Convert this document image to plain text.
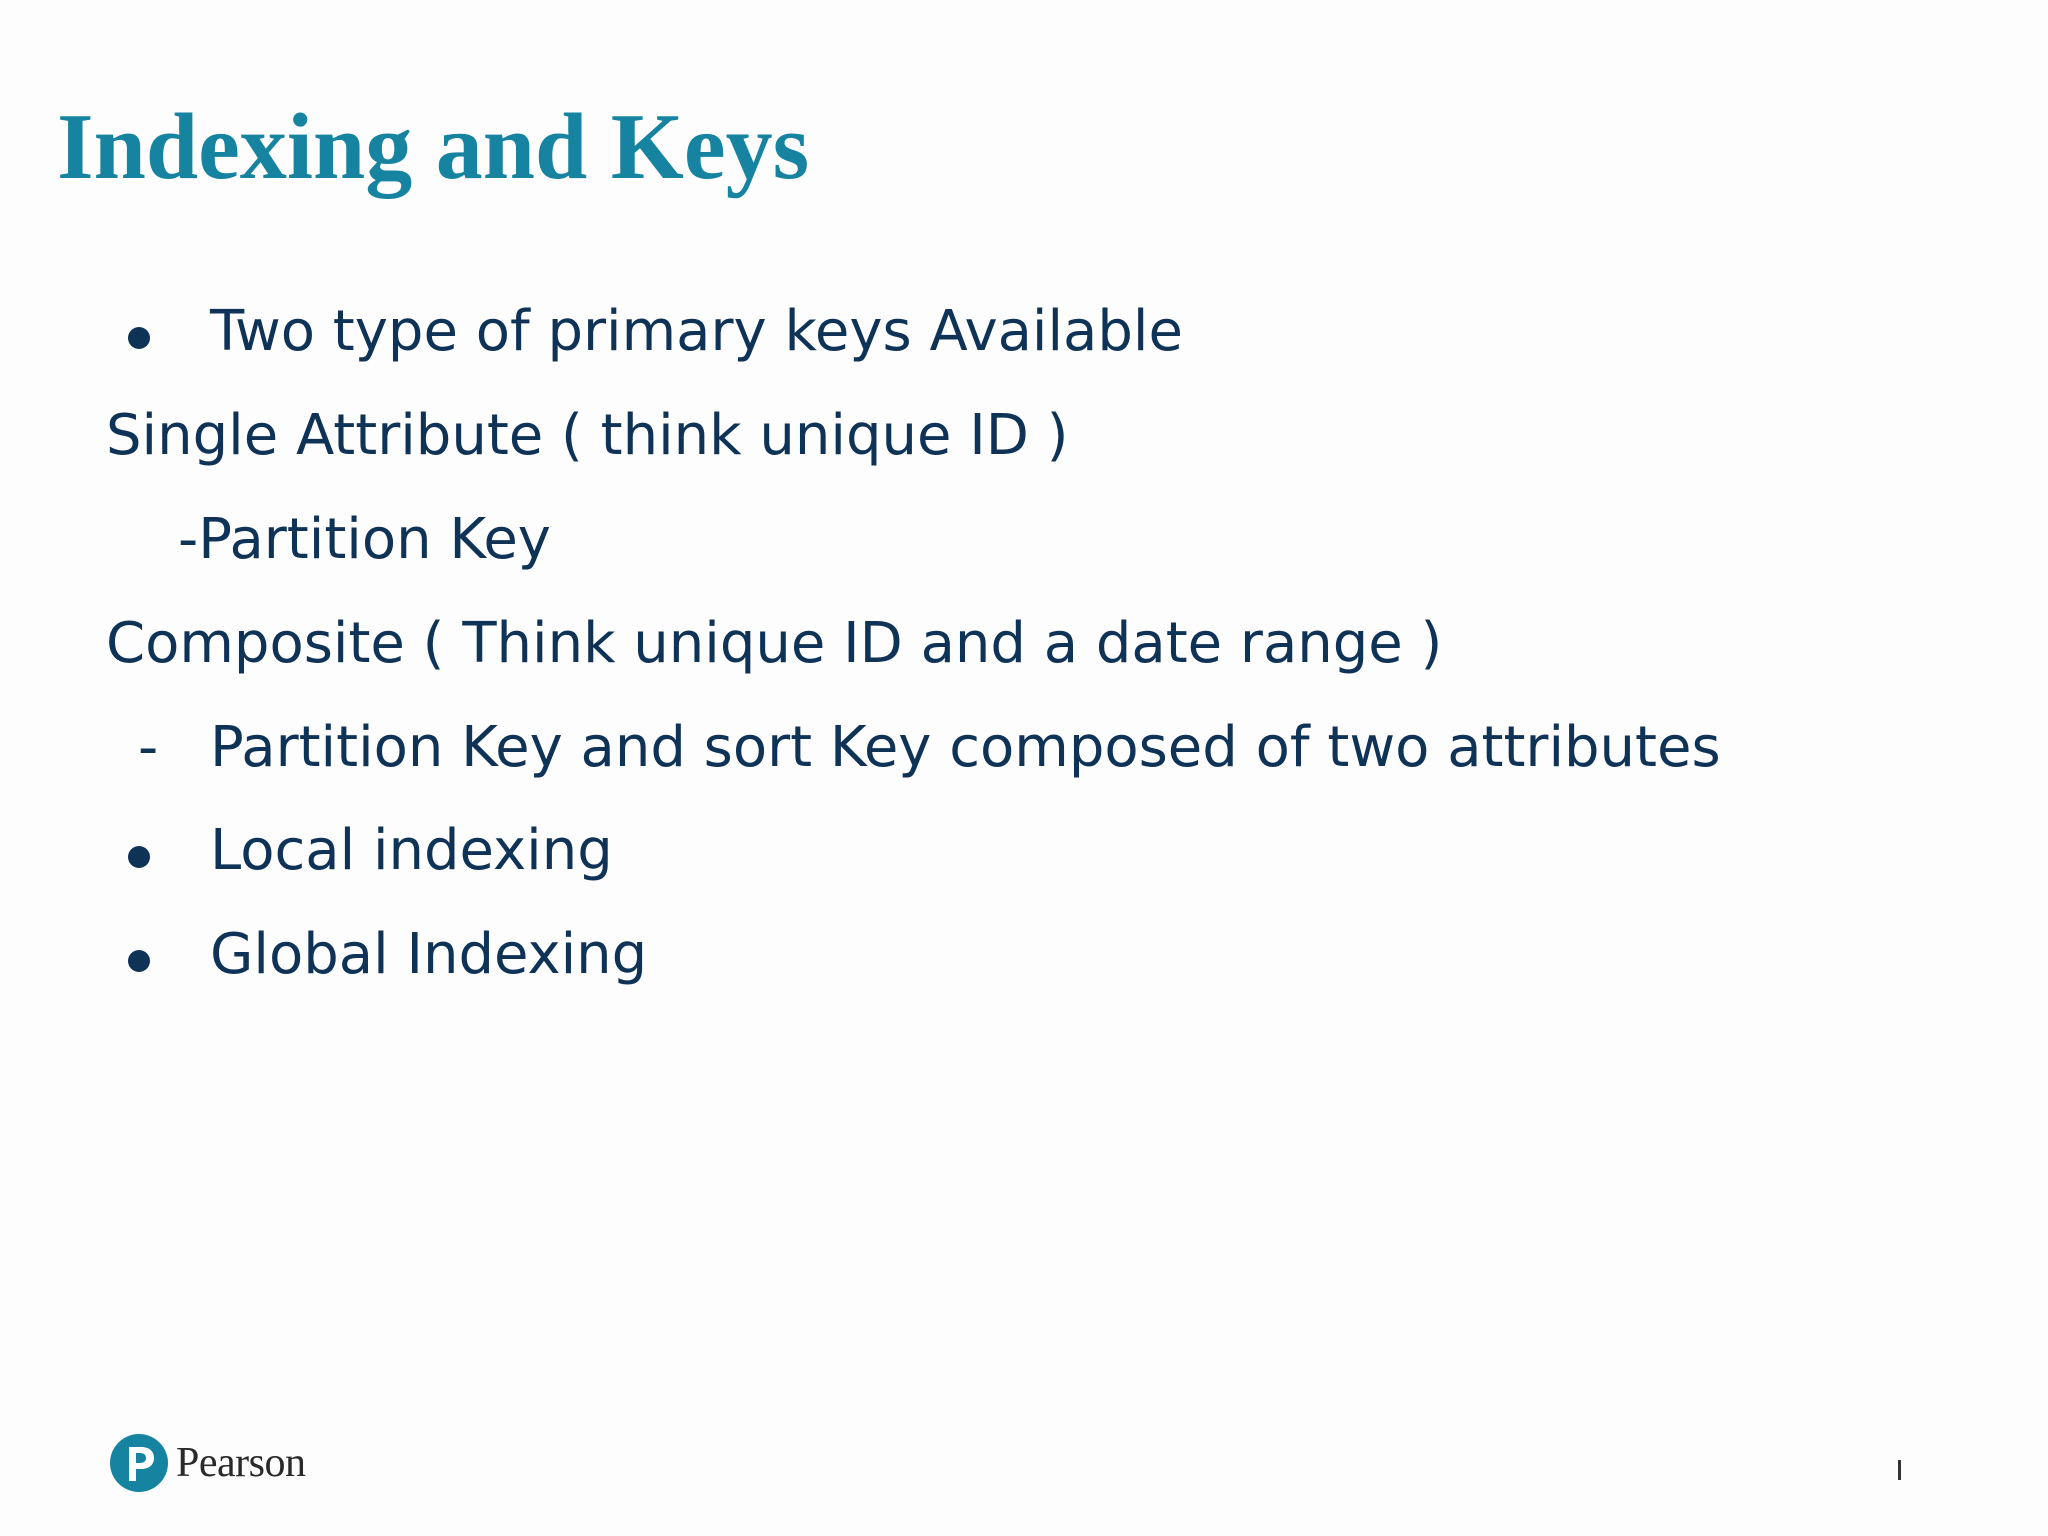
Indexing and Keys
Two type of primary keys Available
Single Attribute ( think unique ID )
-Partition Key
Composite ( Think unique ID and a date range )
- Partition Key and sort Key composed of two attributes
Local indexing
Global Indexing
Pearson
